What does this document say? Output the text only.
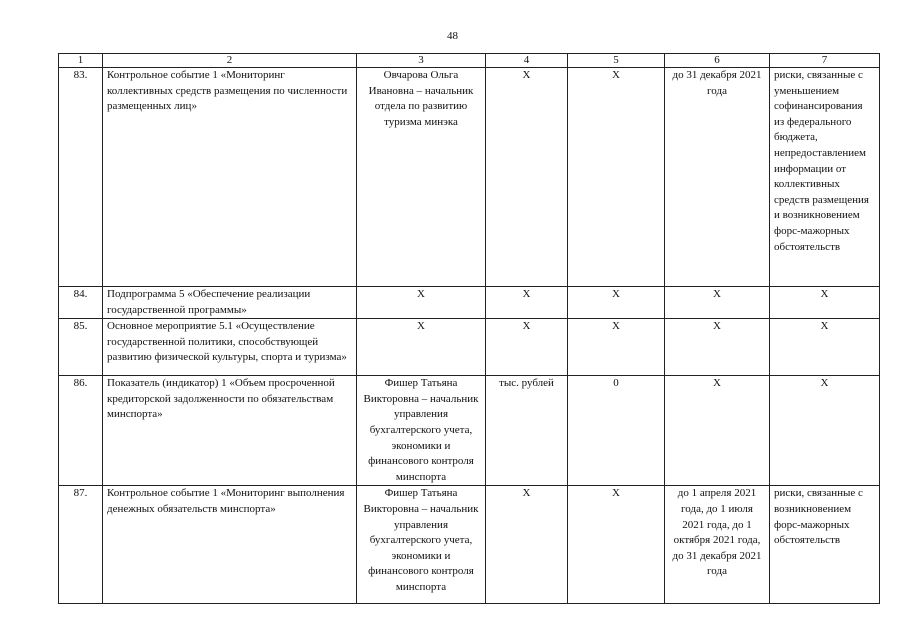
48
1	2	3	4	5	6	7
83.	Контрольное событие 1 «Мониторинг коллективных средств размещения по численности размещенных лиц»	Овчарова Ольга Ивановна – начальник отдела по развитию туризма минэка	Х	Х	до 31 декабря 2021 года	риски, связанные с уменьшением софинансирования из федерального бюджета, непредоставлением информации от коллективных средств размещения и возникновением форс-мажорных обстоятельств
84.	Подпрограмма 5 «Обеспечение реализации государственной программы»	Х	Х	Х	Х	Х
85.	Основное мероприятие 5.1 «Осуществление государственной политики, способствующей развитию физической культуры, спорта и туризма»	Х	Х	Х	Х	Х
86.	Показатель (индикатор) 1 «Объем просроченной кредиторской задолженности по обязательствам минспорта»	Фишер Татьяна Викторовна – начальник управления бухгалтерского учета, экономики и финансового контроля минспорта	тыс. рублей	0	Х	Х
87.	Контрольное событие 1 «Мониторинг выполнения денежных обязательств минспорта»	Фишер Татьяна Викторовна – начальник управления бухгалтерского учета, экономики и финансового контроля минспорта	Х	Х	до 1 апреля 2021 года, до 1 июля 2021 года, до 1 октября 2021 года, до 31 декабря 2021 года	риски, связанные с возникновением форс-мажорных обстоятельств
